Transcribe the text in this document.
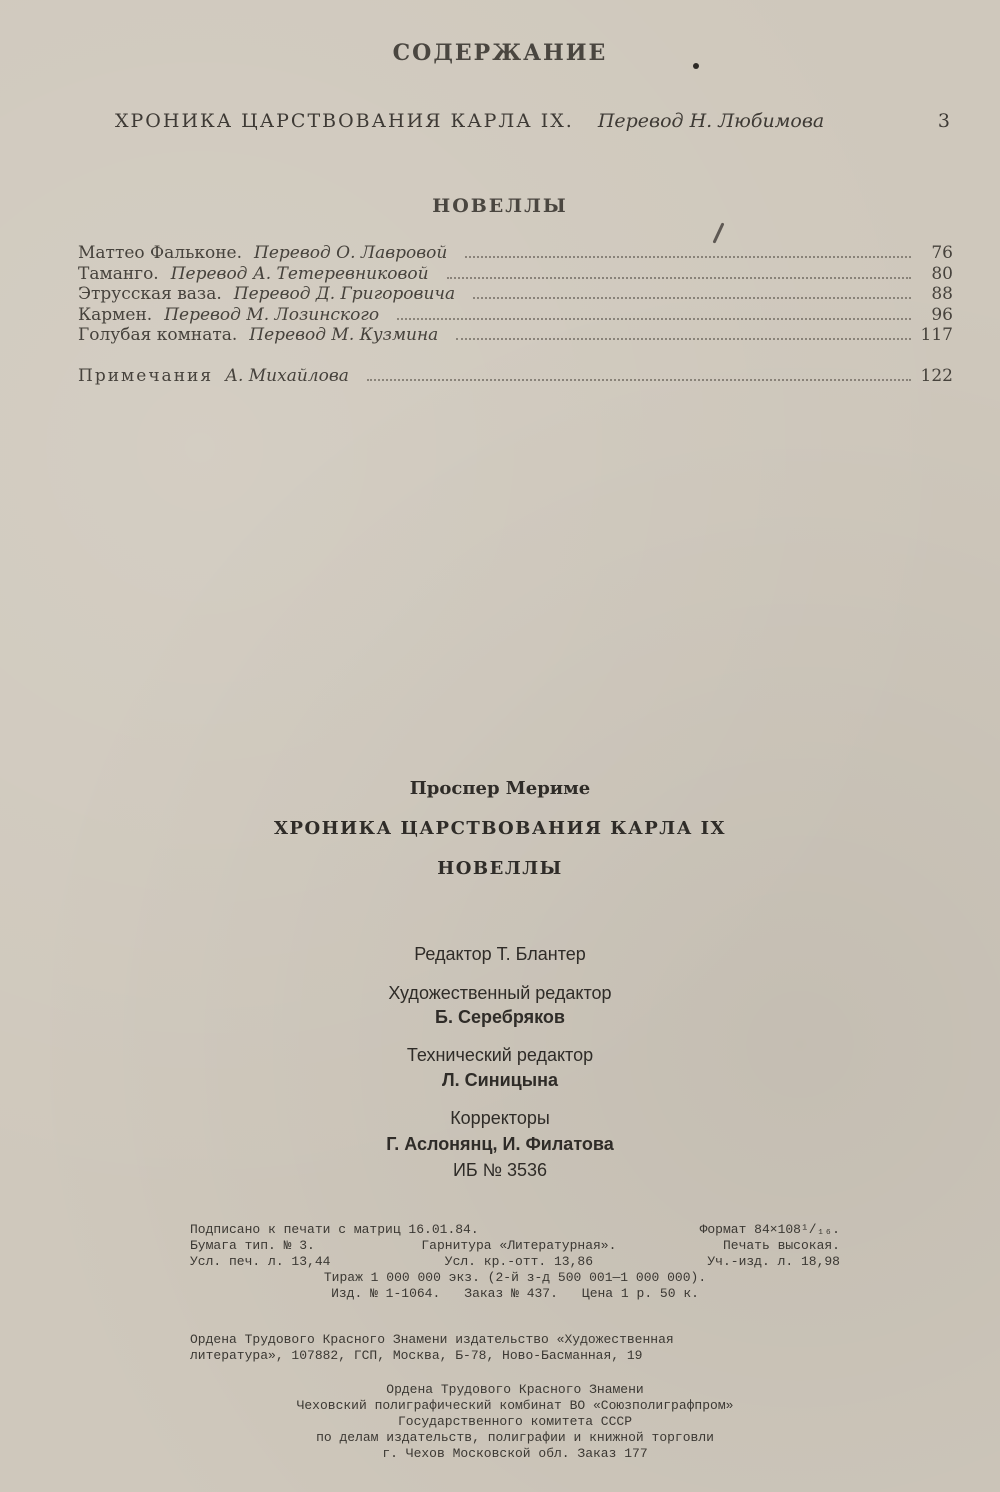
СОДЕРЖАНИЕ
ХРОНИКА ЦАРСТВОВАНИЯ КАРЛА IX. Перевод Н. Любимова	3
НОВЕЛЛЫ
Маттео Фальконе. Перевод О. Лавровой	76
Таманго. Перевод А. Тетеревниковой	80
Этрусская ваза. Перевод Д. Григоровича	88
Кармен. Перевод М. Лозинского	96
Голубая комната. Перевод М. Кузмина	117
Примечания А. Михайлова	122
Проспер Мериме
ХРОНИКА ЦАРСТВОВАНИЯ КАРЛА IX
НОВЕЛЛЫ
Редактор Т. Блантер
Художественный редактор
Б. Серебряков
Технический редактор
Л. Синицына
Корректоры
Г. Аслонянц, И. Филатова
ИБ № 3536
Подписано к печати с матриц 16.01.84.	Формат 84×108¹/₁₆.
Бумага тип. № 3.	Гарнитура «Литературная».	Печать высокая.
Усл. печ. л. 13,44	Усл. кр.-отт. 13,86	Уч.-изд. л. 18,98
Тираж 1 000 000 экз. (2-й з-д 500 001—1 000 000).
Изд. № 1-1064. Заказ № 437. Цена 1 р. 50 к.
Ордена Трудового Красного Знамени издательство «Художественная
литература», 107882, ГСП, Москва, Б-78, Ново-Басманная, 19
Ордена Трудового Красного Знамени
Чеховский полиграфический комбинат ВО «Союзполиграфпром»
Государственного комитета СССР
по делам издательств, полиграфии и книжной торговли
г. Чехов Московской обл. Заказ 177
